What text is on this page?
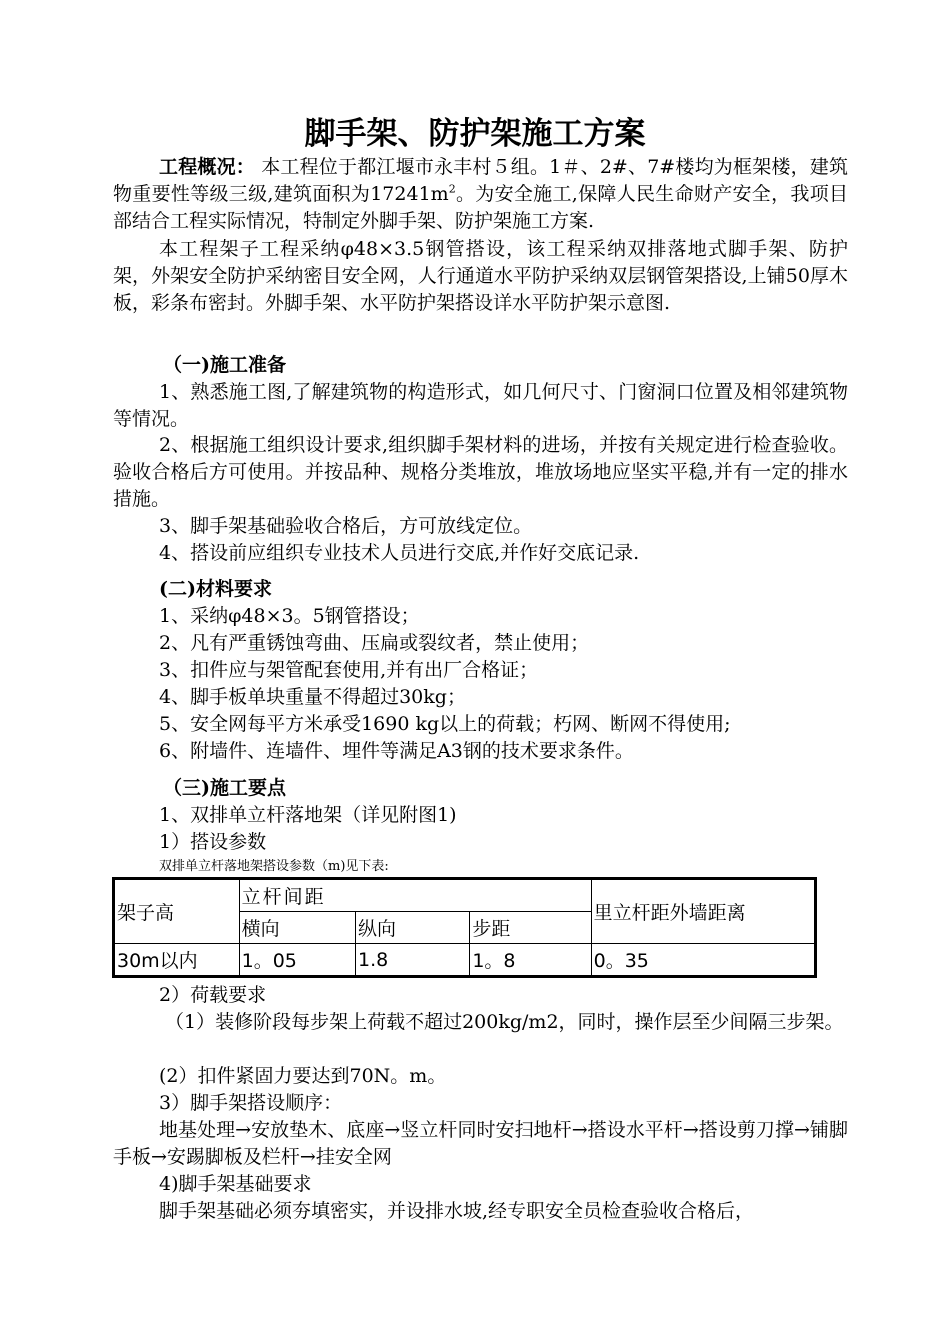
脚手架、防护架施工方案

工程概况： 本工程位于都江堰市永丰村５组。1＃、2#、7#楼均为框架楼，建筑物重要性等级三级,建筑面积为$17241m^2$。为安全施工,保障人民生命财产安全，我项目部结合工程实际情况，特制定外脚手架、防护架施工方案.

本工程架子工程采纳φ48×3.5钢管搭设，该工程采纳双排落地式脚手架、防护架，外架安全防护采纳密目安全网，人行通道水平防护采纳双层钢管架搭设,上铺50厚木板，彩条布密封。外脚手架、水平防护架搭设详水平防护架示意图.

（一)施工准备

1、熟悉施工图,了解建筑物的构造形式，如几何尺寸、门窗洞口位置及相邻建筑物等情况。

2、根据施工组织设计要求,组织脚手架材料的进场，并按有关规定进行检查验收。验收合格后方可使用。并按品种、规格分类堆放，堆放场地应坚实平稳,并有一定的排水措施。

3、脚手架基础验收合格后，方可放线定位。

4、搭设前应组织专业技术人员进行交底,并作好交底记录.

(二)材料要求

1、采纳φ48×3。5钢管搭设；

2、凡有严重锈蚀弯曲、压扁或裂纹者，禁止使用；

3、扣件应与架管配套使用,并有出厂合格证；

4、脚手板单块重量不得超过30kg；

5、安全网每平方米承受1690 kg以上的荷载；朽网、断网不得使用;

6、附墙件、连墙件、埋件等满足A3钢的技术要求条件。

（三)施工要点

1、双排单立杆落地架（详见附图1)

1）搭设参数

双排单立杆落地架搭设参数（m)见下表:

架子高	立杆间距			里立杆距外墙距离
	横向	纵向	步距	
30m以内	1。05	1.8	1。8	0。35

2）荷载要求

（1）装修阶段每步架上荷载不超过200kg/m2，同时，操作层至少间隔三步架。

(2）扣件紧固力要达到70N。m。

3）脚手架搭设顺序：

地基处理→安放垫木、底座→竖立杆同时安扫地杆→搭设水平杆→搭设剪刀撑→铺脚手板→安踢脚板及栏杆→挂安全网

4)脚手架基础要求

脚手架基础必须夯填密实，并设排水坡,经专职安全员检查验收合格后，
